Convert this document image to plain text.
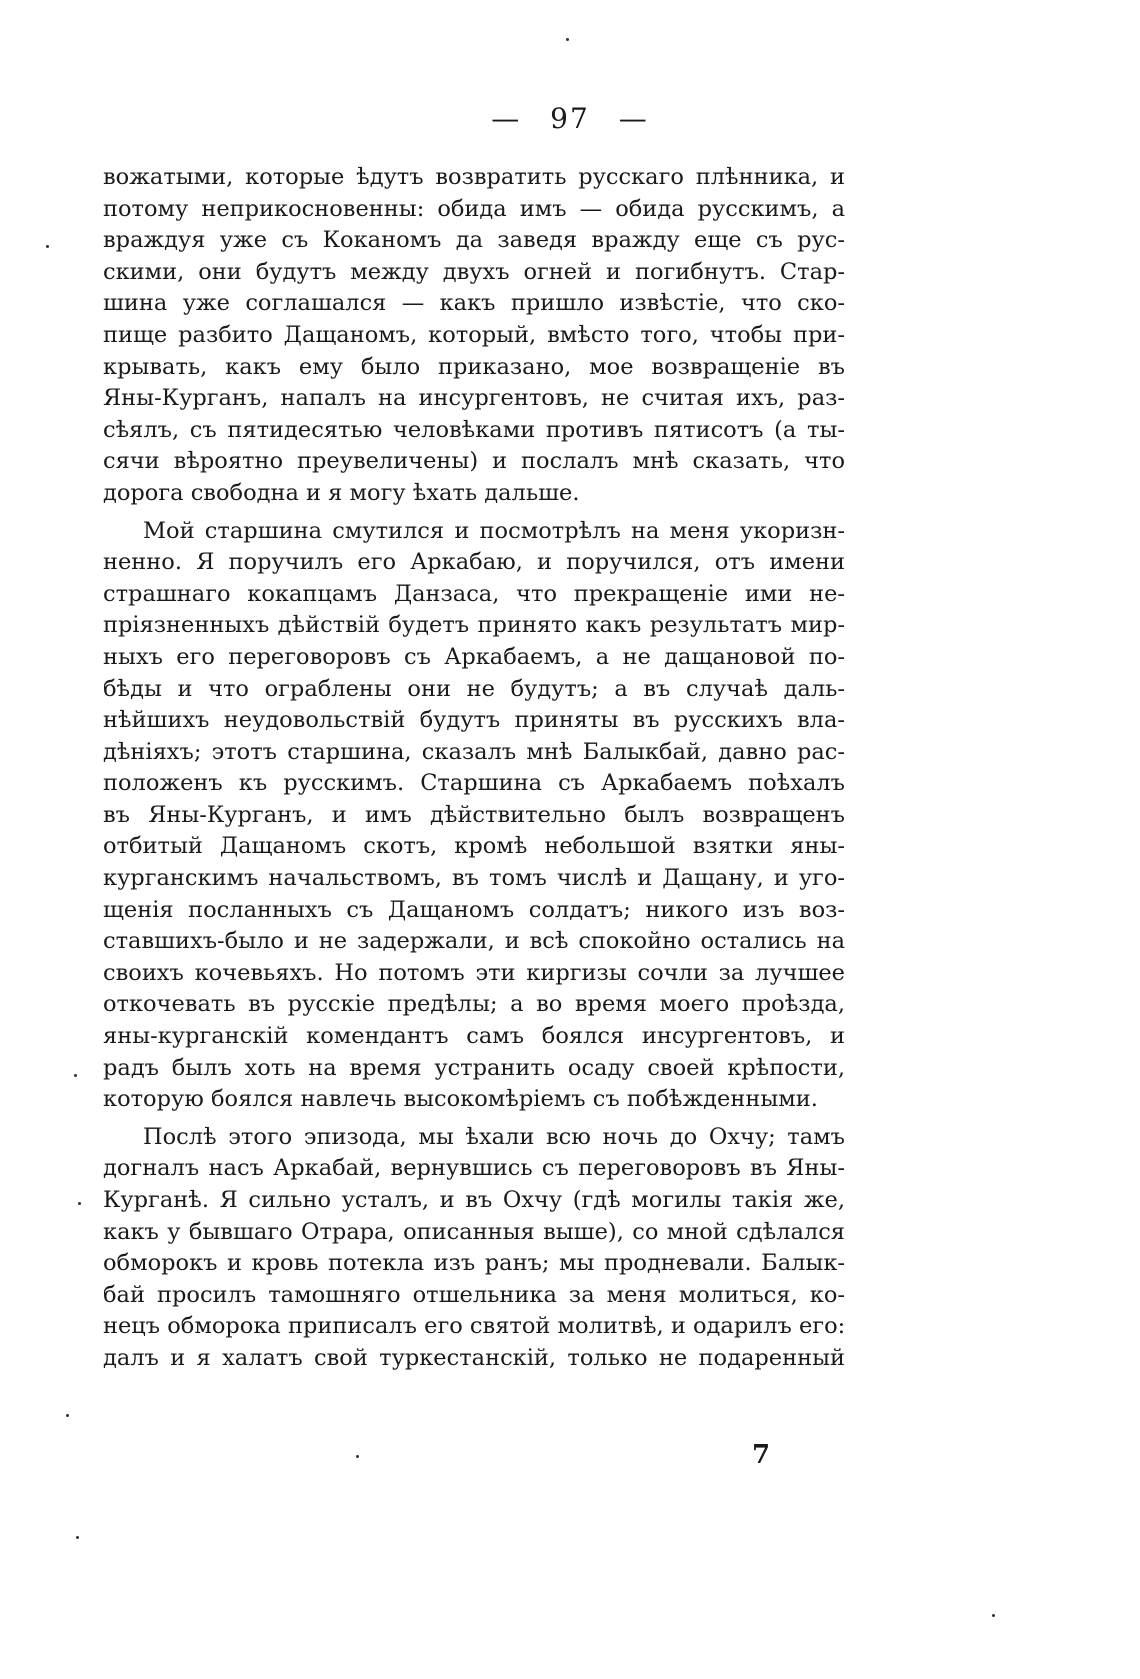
— 97 —
вожатыми, которые ѣдутъ возвратить русскаго плѣнника, и
потому неприкосновенны: обида имъ — обида русскимъ, а
враждуя уже съ Коканомъ да заведя вражду еще съ рус-
скими, они будутъ между двухъ огней и погибнутъ. Стар-
шина уже соглашался — какъ пришло извѣстіе, что ско-
пище разбито Дащаномъ, который, вмѣсто того, чтобы при-
крывать, какъ ему было приказано, мое возвращеніе въ
Яны-Курганъ, напалъ на инсургентовъ, не считая ихъ, раз-
сѣялъ, съ пятидесятью человѣками противъ пятисотъ (а ты-
сячи вѣроятно преувеличены) и послалъ мнѣ сказать, что
дорога свободна и я могу ѣхать дальше.
Мой старшина смутился и посмотрѣлъ на меня укоризн-
ненно. Я поручилъ его Аркабаю, и поручился, отъ имени
страшнаго кокапцамъ Данзаса, что прекращеніе ими не-
пріязненныхъ дѣйствій будетъ принято какъ результатъ мир-
ныхъ его переговоровъ съ Аркабаемъ, а не дащановой по-
бѣды и что ограблены они не будутъ; а въ случаѣ даль-
нѣйшихъ неудовольствій будутъ приняты въ русскихъ вла-
дѣніяхъ; этотъ старшина, сказалъ мнѣ Балыкбай, давно рас-
положенъ къ русскимъ. Старшина съ Аркабаемъ поѣхалъ
въ Яны-Курганъ, и имъ дѣйствительно былъ возвращенъ
отбитый Дащаномъ скотъ, кромѣ небольшой взятки яны-
курганскимъ начальствомъ, въ томъ числѣ и Дащану, и уго-
щенія посланныхъ съ Дащаномъ солдатъ; никого изъ воз-
ставшихъ-было и не задержали, и всѣ спокойно остались на
своихъ кочевьяхъ. Но потомъ эти киргизы сочли за лучшее
откочевать въ русскіе предѣлы; а во время моего проѣзда,
яны-курганскій комендантъ самъ боялся инсургентовъ, и
радъ былъ хоть на время устранить осаду своей крѣпости,
которую боялся навлечь высокомѣріемъ съ побѣжденными.
Послѣ этого эпизода, мы ѣхали всю ночь до Охчу; тамъ
догналъ насъ Аркабай, вернувшись съ переговоровъ въ Яны-
Курганѣ. Я сильно усталъ, и въ Охчу (гдѣ могилы такія же,
какъ у бывшаго Отрара, описанныя выше), со мной сдѣлался
обморокъ и кровь потекла изъ ранъ; мы продневали. Балык-
бай просилъ тамошняго отшельника за меня молиться, ко-
нецъ обморока приписалъ его святой молитвѣ, и одарилъ его:
далъ и я халатъ свой туркестанскій, только не подаренный
7
